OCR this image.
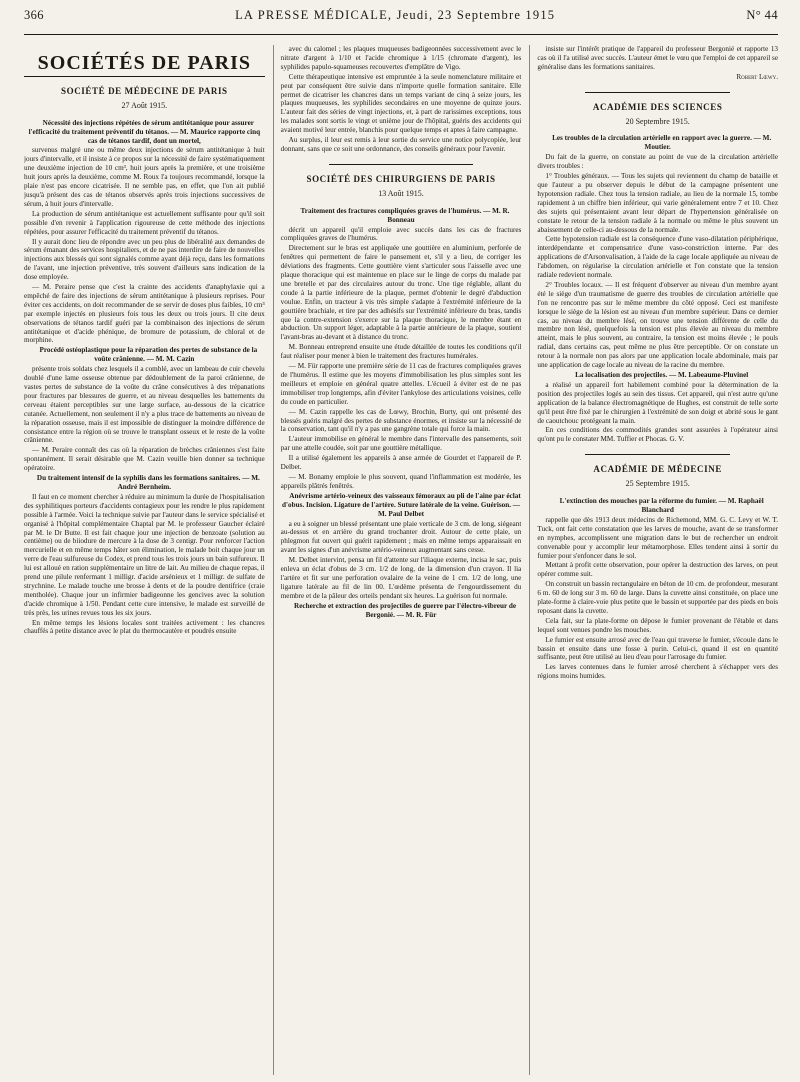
366	LA PRESSE MÉDICALE, Jeudi, 23 Septembre 1915	N° 44
SOCIÉTÉS DE PARIS
SOCIÉTÉ DE MÉDECINE DE PARIS
27 Août 1915.

Nécessité des injections répétées de sérum antitétanique pour assurer l'efficacité du traitement préventif du tétanos. — M. Maurice rapporte cinq cas de tétanos tardif, dont un mortel,

survenus malgré une ou même deux injections de sérum antitétanique à huit jours d'intervalle, et il insiste à ce propos sur la nécessité de faire systématiquement une deuxième injection de 10 cm³, huit jours après la première, et une troisième huit jours après la deuxième, comme M. Roux l'a toujours recommandé, lorsque la plaie n'est pas encore cicatrisée. Il ne semble pas, en effet, que l'on ait publié jusqu'à présent des cas de tétanos observés après trois injections successives de sérum, à huit jours d'intervalle.

La production de sérum antitétanique est actuellement suffisante pour qu'il soit possible d'en revenir à l'application rigoureuse de cette méthode des injections répétées, pour assurer l'efficacité du traitement préventif du tétanos.

Il y aurait donc lieu de répondre avec un peu plus de libéralité aux demandes de sérum émanant des services hospitaliers, et de ne pas interdire de faire de nouvelles injections aux blessés qui sont signalés comme ayant déjà reçu, dans les formations de l'avant, une injection préventive, très souvent d'ailleurs sans indication de la dose employée.

— M. Peraire pense que c'est la crainte des accidents d'anaphylaxie qui a empêché de faire des injections de sérum antitétanique à plusieurs reprises. Pour éviter ces accidents, on doit recommander de se servir de doses plus faibles, 10 cm³ par exemple injectés en plusieurs fois tous les deux ou trois jours. Il cite deux observations de tétanos tardif guéri par la combinaison des injections de sérum antitétanique et d'acide phénique, de bromure de potassium, de chloral et de morphine.

Procédé ostéoplastique pour la réparation des pertes de substance de la voûte crânienne. — M. M. Cazin

présente trois soldats chez lesquels il a comblé, avec un lambeau de cuir chevelu doublé d'une lame osseuse obtenue par dédoublement de la paroi crânienne, de vastes pertes de substance de la voûte du crâne consécutives à des trépanations pour fractures par blessures de guerre, et au niveau desquelles les battements du cerveau étaient perceptibles sur une large surface, au-dessous de la cicatrice cutanée. Actuellement, non seulement il n'y a plus trace de battements au niveau de la réparation osseuse, mais il est impossible de distinguer la moindre différence de consistance entre la région où se trouve le transplant osseux et le reste de la voûte crânienne.

— M. Peraire connaît des cas où la réparation de brèches crâniennes s'est faite spontanément. Il serait désirable que M. Cazin veuille bien donner sa technique opératoire.

Du traitement intensif de la syphilis dans les formations sanitaires. — M. André Bernheim.

Il faut en ce moment chercher à réduire au minimum la durée de l'hospitalisation des syphilitiques porteurs d'accidents contagieux pour les rendre le plus rapidement possible à l'armée. Voici la technique suivie par l'auteur dans le service spécialisé et organisé à l'hôpital complémentaire Chaptal par M. le professeur Gaucher éclairé par M. le Dr Butte. Il est fait chaque jour une injection de benzoate (solution au centième) ou de biiodure de mercure à la dose de 3 centigr. Pour renforcer l'action mercurielle et en même temps hâter son élimination, le malade boit chaque jour un verre de l'eau sulfureuse du Codex, et prend tous les trois jours un bain sulfureux. Il lui est alloué en ration supplémentaire un litre de lait. Au milieu de chaque repas, il prend une pilule renfermant 1 milligr. d'acide arsénieux et 1 milligr. de sulfate de strychnine. Le malade touche une brosse à dents et de la poudre dentifrice (craie mentholée). Chaque jour un infirmier badigeonne les gencives avec la solution d'acide chromique à 1/50. Pendant cette cure intensive, le malade est surveillé de très près, les urines revues tous les six jours.

En même temps les lésions locales sont traitées activement : les chancres chauffés à petite distance avec le plat du thermocautère et poudrés ensuite

avec du calomel ; les plaques muqueuses badigeonnées successivement avec le nitrate d'argent à 1/10 et l'acide chromique à 1/15 (chromate d'argent), les syphilides papulo-squameuses recouvertes d'emplâtre de Vigo.

Cette thérapeutique intensive est empruntée à la seule nomenclature militaire et peut par conséquent être suivie dans n'importe quelle formation sanitaire. Elle permet de cicatriser les chancres dans un temps variant de cinq à seize jours, les plaques muqueuses, les syphilides secondaires en une moyenne de quinze jours. L'auteur fait des séries de vingt injections, et, à part de rarissimes exceptions, tous les malades sont sortis le vingt et unième jour de l'hôpital, guéris des accidents qui avaient motivé leur entrée, blanchis pour quelque temps et aptes à faire campagne.

Au surplus, il leur est remis à leur sortie du service une notice polycopiée, leur donnant, sans que ce soit une ordonnance, des conseils généraux pour l'avenir.

SOCIÉTÉ DES CHIRURGIENS DE PARIS
13 Août 1915.

Traitement des fractures compliquées graves de l'humérus. — M. R. Bonneau

décrit un appareil qu'il emploie avec succès dans les cas de fractures compliquées graves de l'humérus.

Directement sur le bras est appliquée une gouttière en aluminium, perforée de fenêtres qui permettent de faire le pansement et, s'il y a lieu, de corriger les déviations des fragments. Cette gouttière vient s'articuler sous l'aisselle avec une plaque thoracique qui est maintenue en place sur le linge de corps du malade par une bretelle et par des circulaires autour du tronc. Une tige réglable, allant du coude à la partie inférieure de la plaque, permet d'obtenir le degré d'abduction voulue. Enfin, un tracteur à vis très simple s'adapte à l'extrémité inférieure de la gouttière brachiale, et tire par des adhésifs sur l'extrémité inférieure du bras, tandis que la contre-extension s'exerce sur la plaque thoracique, le membre étant en abduction. Un support léger, adaptable à la partie antérieure de la plaque, soutient l'avant-bras au-devant et à distance du tronc.

M. Bonneau entreprend ensuite une étude détaillée de toutes les conditions qu'il faut réaliser pour mener à bien le traitement des fractures humérales.

— M. Für rapporte une première série de 11 cas de fractures compliquées graves de l'humérus. Il estime que les moyens d'immobilisation les plus simples sont les meilleurs et emploie en général quatre attelles. L'écueil à éviter est de ne pas immobiliser trop longtemps, afin d'éviter l'ankylose des articulations voisines, celle du coude en particulier.

— M. Cazin rappelle les cas de Lœwy, Brochin, Burty, qui ont présenté des blessés guéris malgré des pertes de substance énormes, et insiste sur la nécessité de la conservation, tant qu'il n'y a pas une gangrène totale qui force la main.

L'auteur immobilise en général le membre dans l'intervalle des pansements, soit par une attelle coudée, soit par une gouttière métallique.

Il a utilisé également les appareils à anse armée de Gourdet et l'appareil de P. Delbet.

— M. Bonamy emploie le plus souvent, quand l'inflammation est modérée, les appareils plâtrés fenêtrés.

Anévrisme artério-veineux des vaisseaux fémoraux au pli de l'aine par éclat d'obus. Incision. Ligature de l'artère. Suture latérale de la veine. Guérison. — M. Paul Delbet

a eu à soigner un blessé présentant une plaie verticale de 3 cm. de long, siégeant au-dessus et en arrière du grand trochanter droit. Autour de cette plaie, un phlegmon fut ouvert qui guérit rapidement ; mais en même temps apparaissait en avant les signes d'un anévrisme artério-veineux augmentant sans cesse.

M. Delbet intervint, pensa un fil d'attente sur l'iliaque externe, incisa le sac, puis enleva un éclat d'obus de 3 cm. 1/2 de long, de la dimension d'un crayon. Il lia l'artère et fit sur une perforation ovalaire de la veine de 1 cm. 1/2 de long, une ligature latérale au fil de lin 00. L'œdème présenta de l'engourdissement du membre et de la pâleur des orteils pendant six heures. La guérison fut normale.

Recherche et extraction des projectiles de guerre par l'électro-vibreur de Bergonié. — M. R. Für

insiste sur l'intérêt pratique de l'appareil du professeur Bergonié et rapporte 13 cas où il l'a utilisé avec succès. L'auteur émet le vœu que l'emploi de cet appareil se généralise dans les formations sanitaires.

Robert Lœwy.

ACADÉMIE DES SCIENCES
20 Septembre 1915.

Les troubles de la circulation artérielle en rapport avec la guerre. — M. Moutier.

Du fait de la guerre, on constate au point de vue de la circulation artérielle divers troubles :

1° Troubles généraux. — Tous les sujets qui reviennent du champ de bataille et que l'auteur a pu observer depuis le début de la campagne présentent une hypotension radiale. Chez tous la tension radiale, au lieu de la normale 15, tombe rapidement à un chiffre bien inférieur, qui varie généralement entre 7 et 10. Chez des sujets qui présentaient avant leur départ de l'hypertension généralisée on constate le retour de la tension radiale à la normale ou même le plus souvent un abaissement de celle-ci au-dessous de la normale.

Cette hypotension radiale est la conséquence d'une vaso-dilatation périphérique, interdépendante et compensatrice d'une vaso-constriction interne. Par des applications de d'Arsonvalisation, à l'aide de la cage locale appliquée au niveau de l'abdomen, on régularise la circulation artérielle et l'on constate que la tension radiale redevient normale.

2° Troubles locaux. — Il est fréquent d'observer au niveau d'un membre ayant été le siège d'un traumatisme de guerre des troubles de circulation artérielle que l'on ne rencontre pas sur le même membre du côté opposé. Ceci est manifeste lorsque le siège de la lésion est au niveau d'un membre supérieur. Dans ce dernier cas, au niveau du membre lésé, on trouve une tension différente de celle du membre non lésé, quelquefois la tension est plus élevée au niveau du membre atteint, mais le plus souvent, au contraire, la tension est moins élevée ; le pouls radial, dans certains cas, peut même ne plus être perceptible. Or on constate un retour à la normale non pas alors par une application locale abdominale, mais par une application de cage locale au niveau de la racine du membre.

La localisation des projectiles. — M. Labeaume-Pluvinel

a réalisé un appareil fort habilement combiné pour la détermination de la position des projectiles logés au sein des tissus. Cet appareil, qui n'est autre qu'une application de la balance électromagnétique de Hughes, est construit de telle sorte qu'il peut être fixé par le chirurgien à l'extrémité de son doigt et abrité sous le gant de caoutchouc protégeant la main.

En ces conditions des commodités grandes sont assurées à l'opérateur ainsi qu'ont pu le constater MM. Tuffier et Phocas. G. V.

ACADÉMIE DE MÉDECINE
25 Septembre 1915.

L'extinction des mouches par la réforme du fumier. — M. Raphaël Blanchard

rappelle que dès 1913 deux médecins de Richemond, MM. G. C. Levy et W. T. Tuck, ont fait cette constatation que les larves de mouche, avant de se transformer en nymphes, accomplissent une migration dans le but de rechercher un endroit convenable pour y accomplir leur métamorphose. Elles tendent ainsi à sortir du fumier pour s'enfoncer dans le sol.

Mettant à profit cette observation, pour opérer la destruction des larves, on peut opérer comme suit.

On construit un bassin rectangulaire en béton de 10 cm. de profondeur, mesurant 6 m. 60 de long sur 3 m. 60 de large. Dans la cuvette ainsi constituée, on place une plate-forme à claire-voie plus petite que le bassin et supportée par des pieds en bois reposant dans la cuvette.

Cela fait, sur la plate-forme on dépose le fumier provenant de l'étable et dans lequel sont venues pondre les mouches.

Le fumier est ensuite arrosé avec de l'eau qui traverse le fumier, s'écoule dans le bassin et ensuite dans une fosse à purin. Celui-ci, quand il est en quantité suffisante, peut être utilisé au lieu d'eau pour l'arrosage du fumier.

Les larves contenues dans le fumier arrosé cherchent à s'échapper vers des régions moins humides.
